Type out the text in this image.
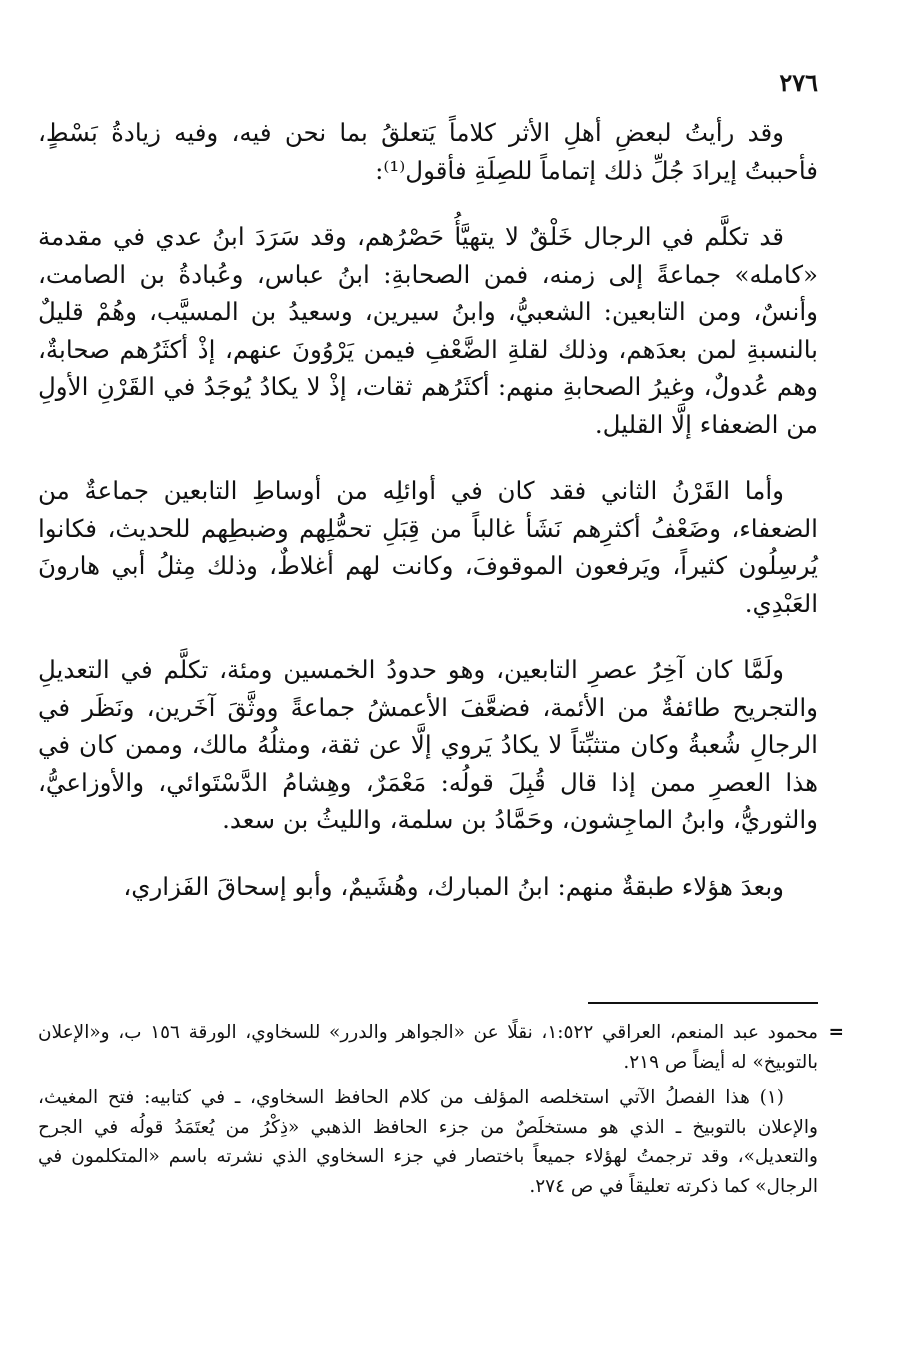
٢٧٦

وقد رأيتُ لبعضِ أهلِ الأثر كلاماً يَتعلقُ بما نحن فيه، وفيه زيادةُ بَسْطٍ، فأحببتُ إيرادَ جُلِّ ذلك إتماماً للصِلَةِ فأقول⁽¹⁾:

قد تكلَّم في الرجال خَلْقٌ لا يتهيَّأُ حَصْرُهم، وقد سَرَدَ ابنُ عدي في مقدمة «كامله» جماعةً إلى زمنه، فمن الصحابةِ: ابنُ عباس، وعُبادةُ بن الصامت، وأنسٌ، ومن التابعين: الشعبيُّ، وابنُ سيرين، وسعيدُ بن المسيَّب، وهُمْ قليلٌ بالنسبةِ لمن بعدَهم، وذلك لقلةِ الضَّعْفِ فيمن يَرْوُونَ عنهم، إذْ أكثَرُهم صحابةٌ، وهم عُدولٌ، وغيرُ الصحابةِ منهم: أكثَرُهم ثقات، إذْ لا يكادُ يُوجَدُ في القَرْنِ الأولِ من الضعفاء إلَّا القليل.

وأما القَرْنُ الثاني فقد كان في أوائلِه من أوساطِ التابعين جماعةٌ من الضعفاء، وضَعْفُ أكثرِهم نَشَأ غالباً من قِبَلِ تحمُّلِهم وضبطِهم للحديث، فكانوا يُرسِلُون كثيراً، ويَرفعون الموقوفَ، وكانت لهم أغلاطٌ، وذلك مِثلُ أبي هارونَ العَبْدِي.

ولَمَّا كان آخِرُ عصرِ التابعين، وهو حدودُ الخمسين ومئة، تكلَّم في التعديلِ والتجريح طائفةٌ من الأئمة، فضعَّفَ الأعمشُ جماعةً ووثَّقَ آخَرين، ونَظَر في الرجالِ شُعبةُ وكان متثبِّتاً لا يكادُ يَروي إلَّا عن ثقة، ومثلُهُ مالك، وممن كان في هذا العصرِ ممن إذا قال قُبِلَ قولُه: مَعْمَرٌ، وهِشامُ الدَّسْتَوائي، والأوزاعيُّ، والثوريُّ، وابنُ الماجِشون، وحَمَّادُ بن سلمة، والليثُ بن سعد.

وبعدَ هؤلاء طبقةٌ منهم: ابنُ المبارك، وهُشَيمٌ، وأبو إسحاقَ الفَزاري،

=
محمود عبد المنعم، العراقي ١:٥٢٢، نقلًا عن «الجواهر والدرر» للسخاوي، الورقة ١٥٦ ب، و«الإعلان بالتوبيخ» له أيضاً ص ٢١٩.

(١) هذا الفصلُ الآتي استخلصه المؤلف من كلام الحافظ السخاوي، ـ في كتابيه: فتح المغيث، والإعلان بالتوبيخ ـ الذي هو مستخلَصٌ من جزء الحافظ الذهبي «ذِكْرُ من يُعتَمَدُ قولُه في الجرح والتعديل»، وقد ترجمتُ لهؤلاء جميعاً باختصار في جزء السخاوي الذي نشرته باسم «المتكلمون في الرجال» كما ذكرته تعليقاً في ص ٢٧٤.
